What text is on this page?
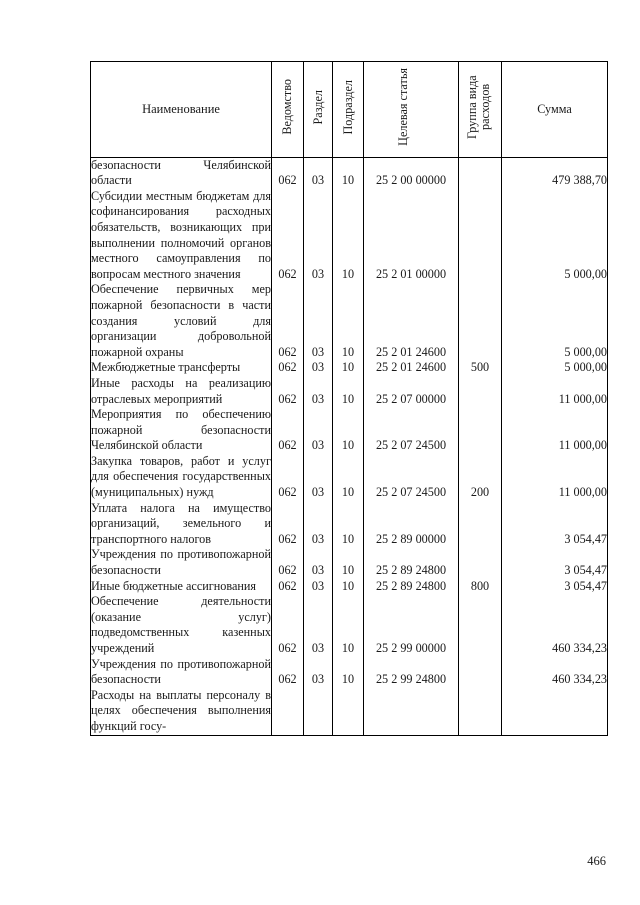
Наименование	Ведомство	Раздел	Подраздел	Целевая статья	Группа вида расходов	Сумма
безопасности Челябинской области	062	03	10	25 2 00 00000		479 388,70
Субсидии местным бюджетам для софинансирования расходных обязательств, возникающих при выполнении полномочий органов местного самоуправления по вопросам местного значения	062	03	10	25 2 01 00000		5 000,00
Обеспечение первичных мер пожарной безопасности в части создания условий для организации добровольной пожарной охраны	062	03	10	25 2 01 24600		5 000,00
Межбюджетные трансферты	062	03	10	25 2 01 24600	500	5 000,00
Иные расходы на реализацию отраслевых мероприятий	062	03	10	25 2 07 00000		11 000,00
Мероприятия по обеспечению пожарной безопасности Челябинской области	062	03	10	25 2 07 24500		11 000,00
Закупка товаров, работ и услуг для обеспечения государственных (муниципальных) нужд	062	03	10	25 2 07 24500	200	11 000,00
Уплата налога на имущество организаций, земельного и транспортного налогов	062	03	10	25 2 89 00000		3 054,47
Учреждения по противопожарной безопасности	062	03	10	25 2 89 24800		3 054,47
Иные бюджетные ассигнования	062	03	10	25 2 89 24800	800	3 054,47
Обеспечение деятельности (оказание услуг) подведомственных казенных учреждений	062	03	10	25 2 99 00000		460 334,23
Учреждения по противопожарной безопасности	062	03	10	25 2 99 24800		460 334,23
Расходы на выплаты персоналу в целях обеспечения выполнения функций госу-						
466
